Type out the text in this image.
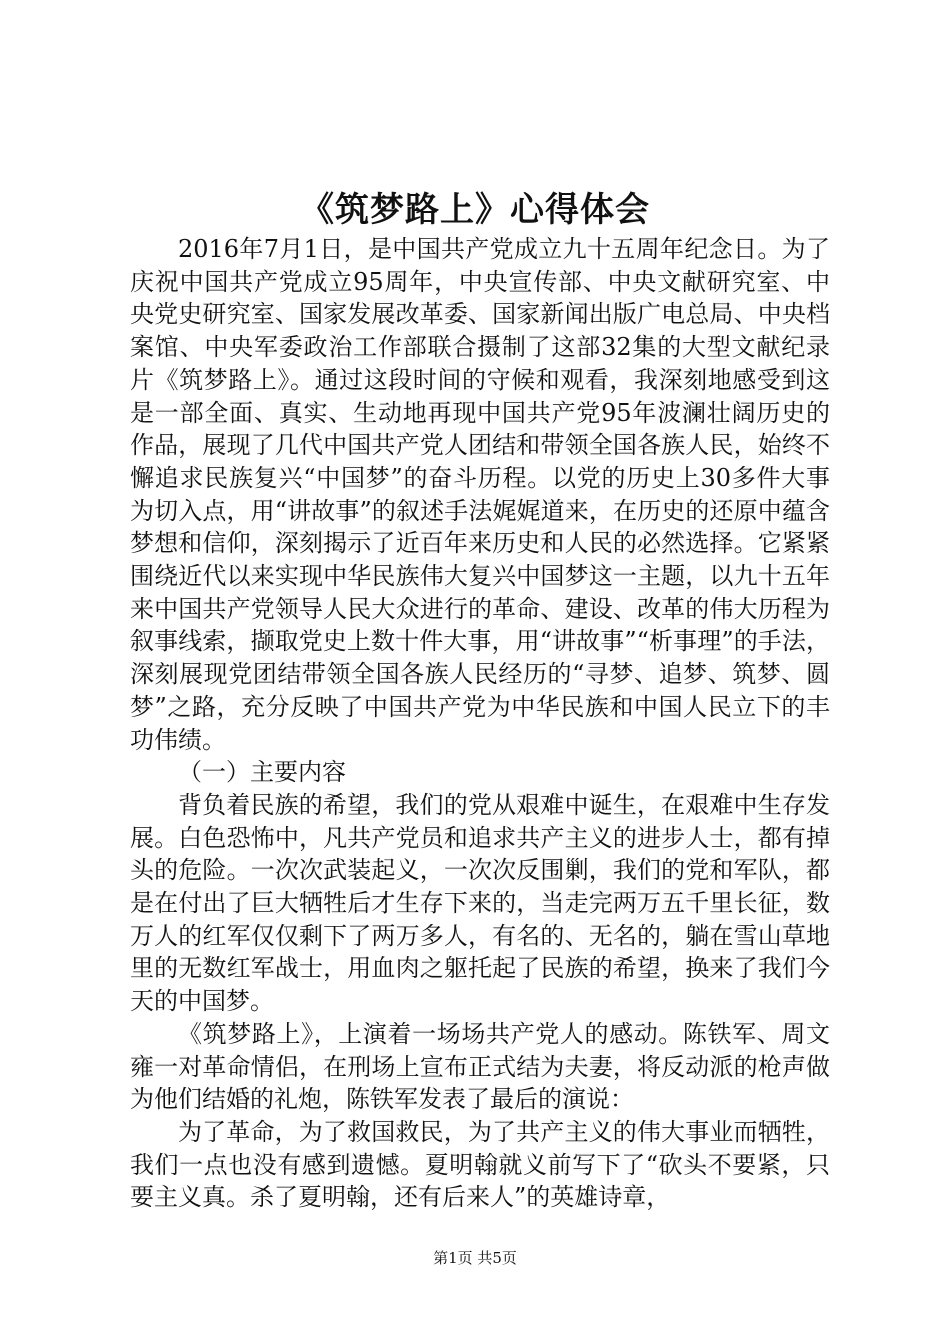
《筑梦路上》心得体会

2016年7月1日，是中国共产党成立九十五周年纪念日。为了庆祝中国共产党成立95周年，中央宣传部、中央文献研究室、中央党史研究室、国家发展改革委、国家新闻出版广电总局、中央档案馆、中央军委政治工作部联合摄制了这部32集的大型文献纪录片《筑梦路上》。通过这段时间的守候和观看，我深刻地感受到这是一部全面、真实、生动地再现中国共产党95年波澜壮阔历史的作品，展现了几代中国共产党人团结和带领全国各族人民，始终不懈追求民族复兴“中国梦”的奋斗历程。以党的历史上30多件大事为切入点，用“讲故事”的叙述手法娓娓道来，在历史的还原中蕴含梦想和信仰，深刻揭示了近百年来历史和人民的必然选择。它紧紧围绕近代以来实现中华民族伟大复兴中国梦这一主题，以九十五年来中国共产党领导人民大众进行的革命、建设、改革的伟大历程为叙事线索，撷取党史上数十件大事，用“讲故事”“析事理”的手法，深刻展现党团结带领全国各族人民经历的“寻梦、追梦、筑梦、圆梦”之路，充分反映了中国共产党为中华民族和中国人民立下的丰功伟绩。

（一）主要内容

背负着民族的希望，我们的党从艰难中诞生，在艰难中生存发展。白色恐怖中，凡共产党员和追求共产主义的进步人士，都有掉头的危险。一次次武装起义，一次次反围剿，我们的党和军队，都是在付出了巨大牺牲后才生存下来的，当走完两万五千里长征，数万人的红军仅仅剩下了两万多人，有名的、无名的，躺在雪山草地里的无数红军战士，用血肉之躯托起了民族的希望，换来了我们今天的中国梦。

《筑梦路上》，上演着一场场共产党人的感动。陈铁军、周文雍一对革命情侣，在刑场上宣布正式结为夫妻，将反动派的枪声做为他们结婚的礼炮，陈铁军发表了最后的演说：

为了革命，为了救国救民，为了共产主义的伟大事业而牺牲，我们一点也没有感到遗憾。夏明翰就义前写下了“砍头不要紧，只要主义真。杀了夏明翰，还有后来人”的英雄诗章，

第1页 共5页
